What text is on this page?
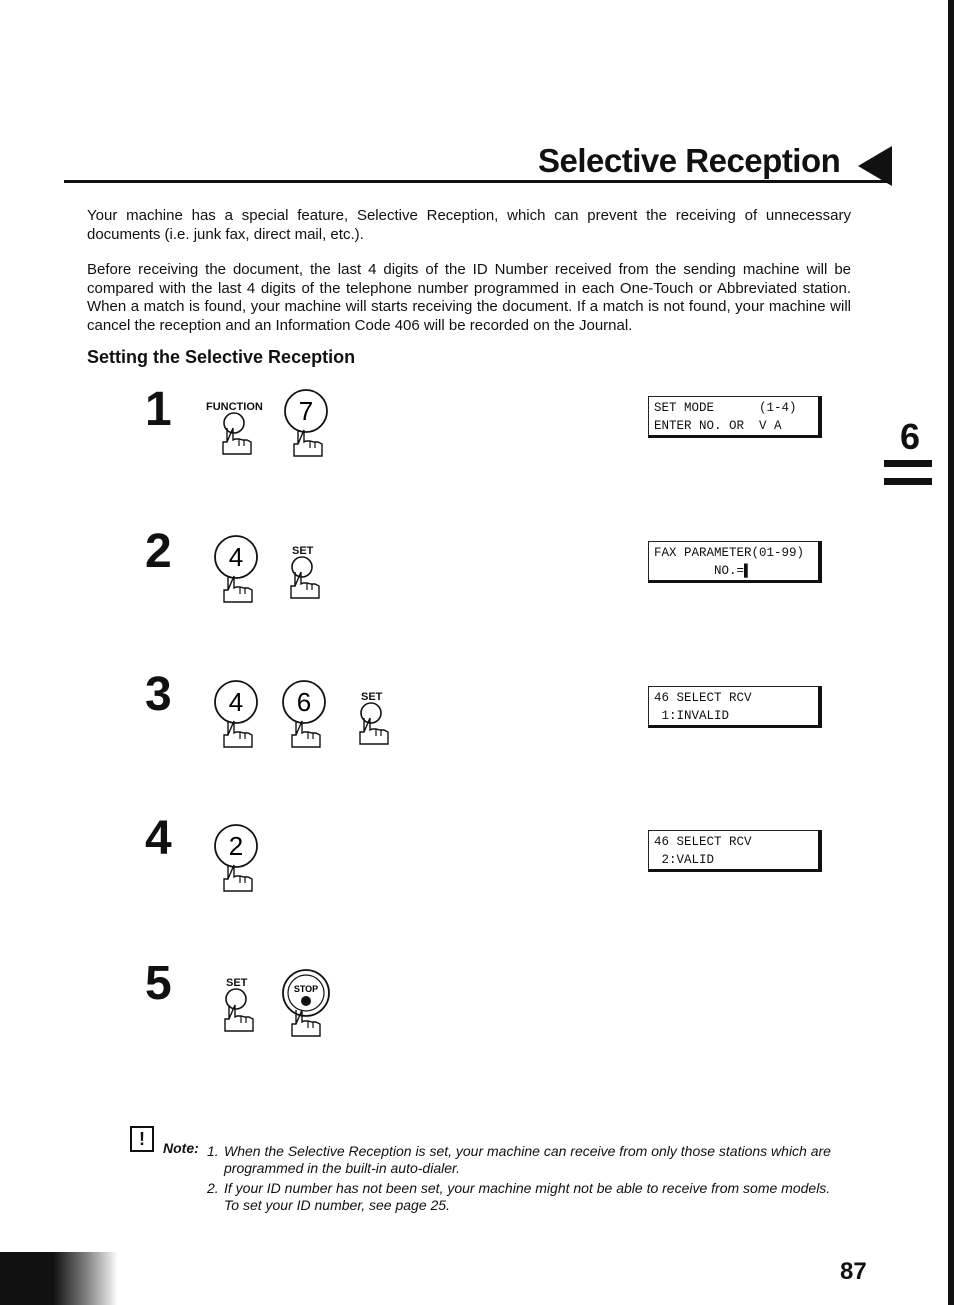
Selective Reception
Your machine has a special feature, Selective Reception, which can prevent the receiving of unnecessary documents (i.e. junk fax, direct mail, etc.).
Before receiving the document, the last 4 digits of the ID Number received from the sending machine will be compared with the last 4 digits of the telephone number programmed in each One-Touch or Abbreviated station. When a match is found, your machine will starts receiving the document. If a match is not found, your machine will cancel the reception and an Information Code 406 will be recorded on the Journal.
Setting the Selective Reception
6
1	FUNCTION 7	SET MODE      (1-4)
ENTER NO. OR  V A
2 4	SET	FAX PARAMETER(01-99)
NO.=▌
3 4 6	SET	46 SELECT RCV
1:INVALID
4 2	46 SELECT RCV
2:VALID
5	SET	STOP
!	Note: 1. When the Selective Reception is set, your machine can receive from only those stations which are
programmed in the built-in auto-dialer.
2. If your ID number has not been set, your machine might not be able to receive from some models.
To set your ID number, see page 25.
87
